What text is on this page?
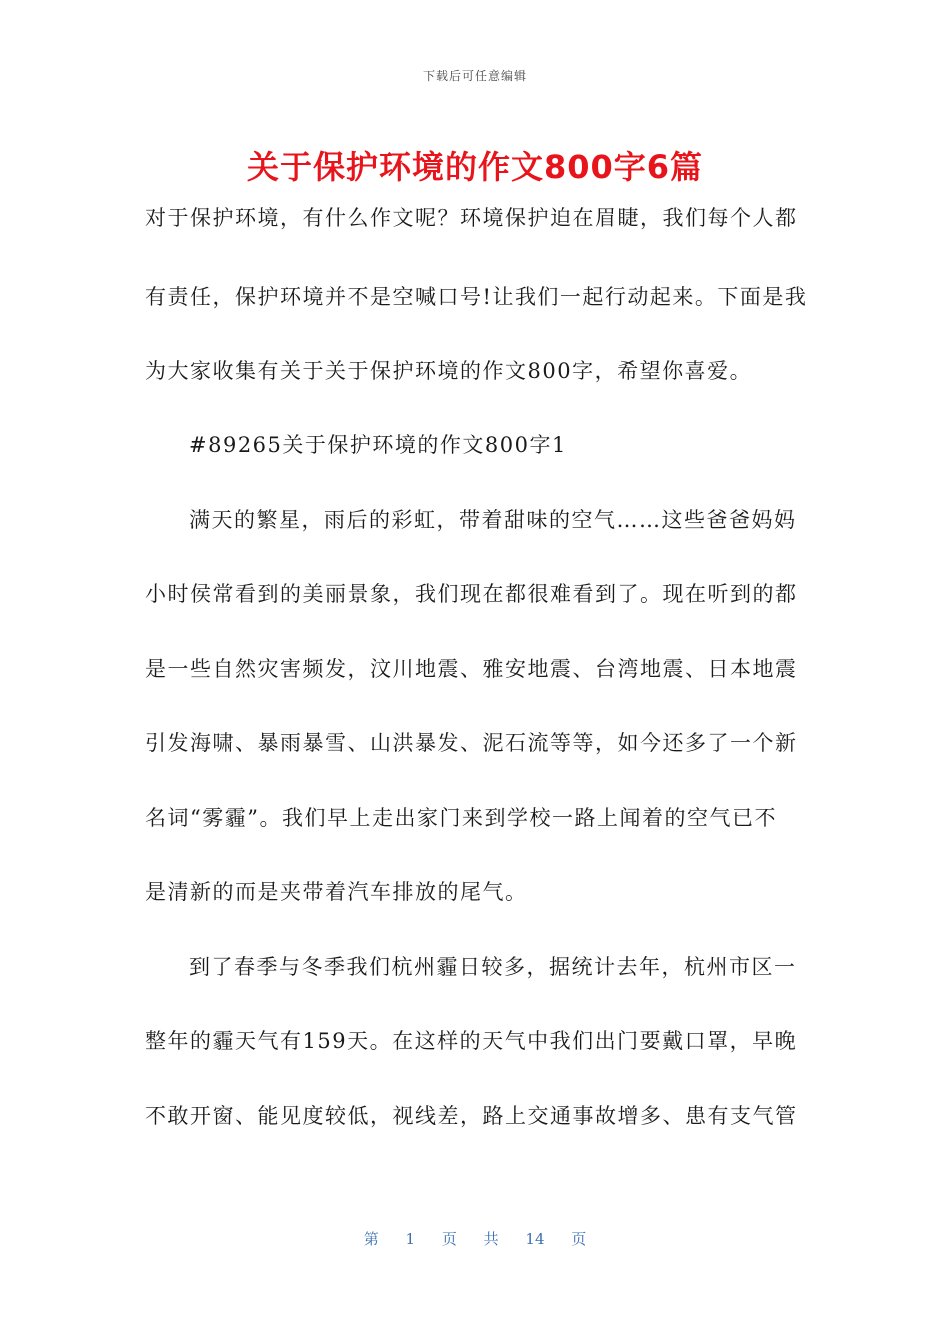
下载后可任意编辑
关于保护环境的作文800字6篇
对于保护环境，有什么作文呢？环境保护迫在眉睫，我们每个人都
有责任，保护环境并不是空喊口号!让我们一起行动起来。下面是我
为大家收集有关于关于保护环境的作文800字，希望你喜爱。
#89265关于保护环境的作文800字1
满天的繁星，雨后的彩虹，带着甜味的空气……这些爸爸妈妈
小时侯常看到的美丽景象，我们现在都很难看到了。现在听到的都
是一些自然灾害频发，汶川地震、雅安地震、台湾地震、日本地震
引发海啸、暴雨暴雪、山洪暴发、泥石流等等，如今还多了一个新
名词“雾霾”。我们早上走出家门来到学校一路上闻着的空气已不
是清新的而是夹带着汽车排放的尾气。
到了春季与冬季我们杭州霾日较多，据统计去年，杭州市区一
整年的霾天气有159天。在这样的天气中我们出门要戴口罩，早晚
不敢开窗、能见度较低，视线差，路上交通事故增多、患有支气管
第 1 页 共 14 页
